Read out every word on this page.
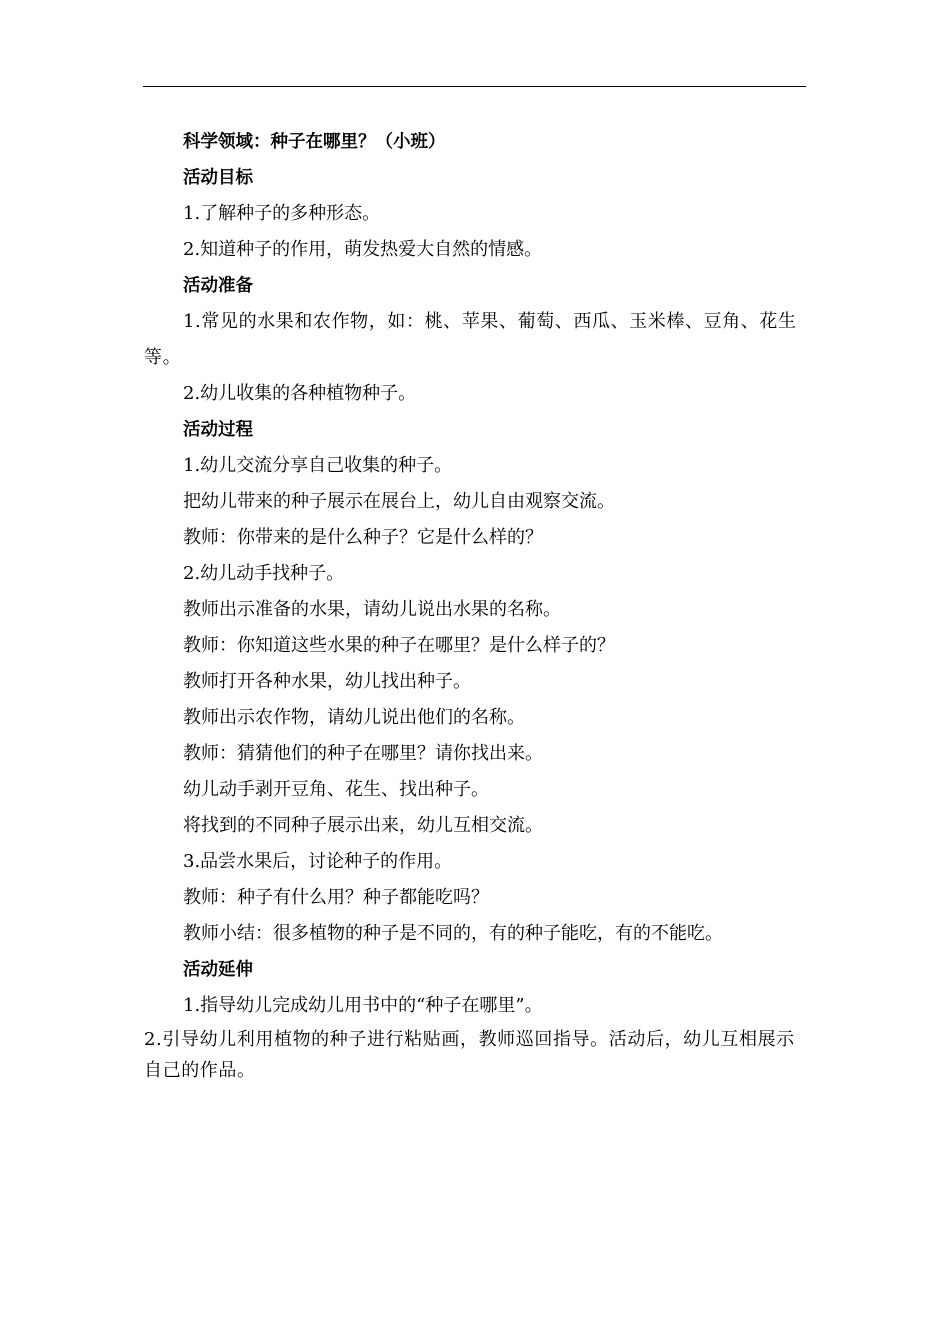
科学领域：种子在哪里？（小班）

活动目标

1.了解种子的多种形态。

2.知道种子的作用，萌发热爱大自然的情感。

活动准备

1.常见的水果和农作物，如：桃、苹果、葡萄、西瓜、玉米棒、豆角、花生等。

2.幼儿收集的各种植物种子。

活动过程

1.幼儿交流分享自己收集的种子。

把幼儿带来的种子展示在展台上，幼儿自由观察交流。

教师：你带来的是什么种子？它是什么样的？

2.幼儿动手找种子。

教师出示准备的水果，请幼儿说出水果的名称。

教师：你知道这些水果的种子在哪里？是什么样子的？

教师打开各种水果，幼儿找出种子。

教师出示农作物，请幼儿说出他们的名称。

教师：猜猜他们的种子在哪里？请你找出来。

幼儿动手剥开豆角、花生、找出种子。

将找到的不同种子展示出来，幼儿互相交流。

3.品尝水果后，讨论种子的作用。

教师：种子有什么用？种子都能吃吗？

教师小结：很多植物的种子是不同的，有的种子能吃，有的不能吃。

活动延伸

1.指导幼儿完成幼儿用书中的“种子在哪里”。

2.引导幼儿利用植物的种子进行粘贴画，教师巡回指导。活动后，幼儿互相展示自己的作品。
